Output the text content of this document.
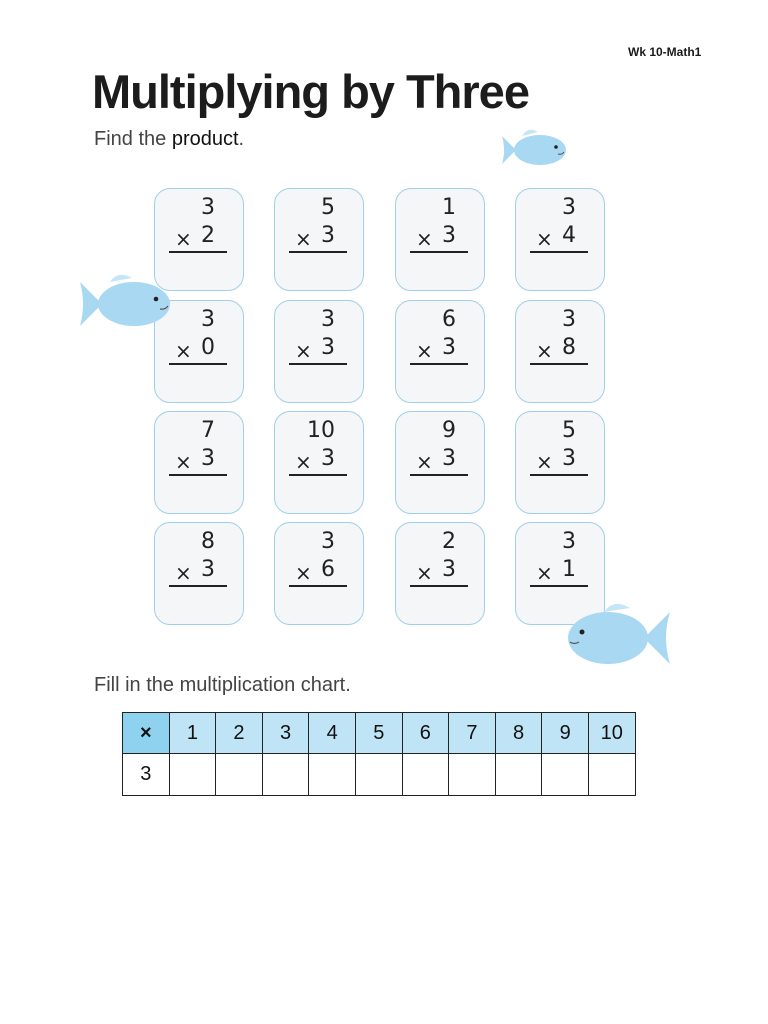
Wk 10-Math1
Multiplying by Three
Find the product.
3
× 2
5
× 3
1
× 3
3
× 4
3
× 0
3
× 3
6
× 3
3
× 8
7
× 3
10
× 3
9
× 3
5
× 3
8
× 3
3
× 6
2
× 3
3
× 1
Fill in the multiplication chart.
×	1	2	3	4	5	6	7	8	9	10
3										
